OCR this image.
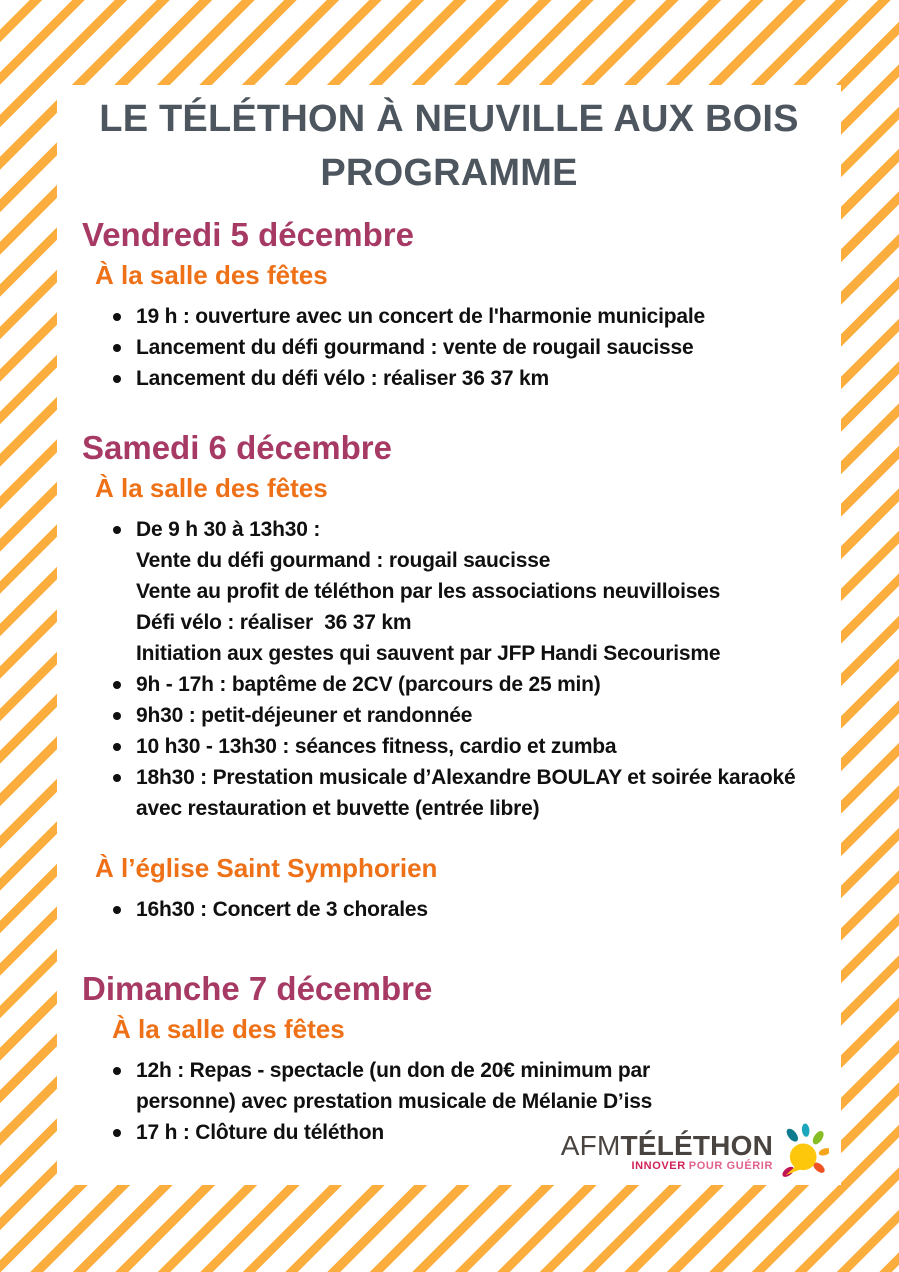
LE TÉLÉTHON À NEUVILLE AUX BOIS
PROGRAMME
Vendredi 5 décembre
À la salle des fêtes
19 h : ouverture avec un concert de l'harmonie municipale
Lancement du défi gourmand : vente de rougail saucisse
Lancement du défi vélo : réaliser 36 37 km
Samedi 6 décembre
À la salle des fêtes
De 9 h 30 à 13h30 :
Vente du défi gourmand : rougail saucisse
Vente au profit de téléthon par les associations neuvilloises
Défi vélo : réaliser  36 37 km
Initiation aux gestes qui sauvent par JFP Handi Secourisme
9h - 17h : baptême de 2CV (parcours de 25 min)
9h30 : petit-déjeuner et randonnée
10 h30 - 13h30 : séances fitness, cardio et zumba
18h30 : Prestation musicale d’Alexandre BOULAY et soirée karaoké avec restauration et buvette (entrée libre)
À l’église Saint Symphorien
16h30 : Concert de 3 chorales
Dimanche 7 décembre
À la salle des fêtes
12h : Repas - spectacle (un don de 20€ minimum par personne) avec prestation musicale de Mélanie D’iss
17 h : Clôture du téléthon	AFMTÉLÉTHON
INNOVER POUR GUÉRIR
